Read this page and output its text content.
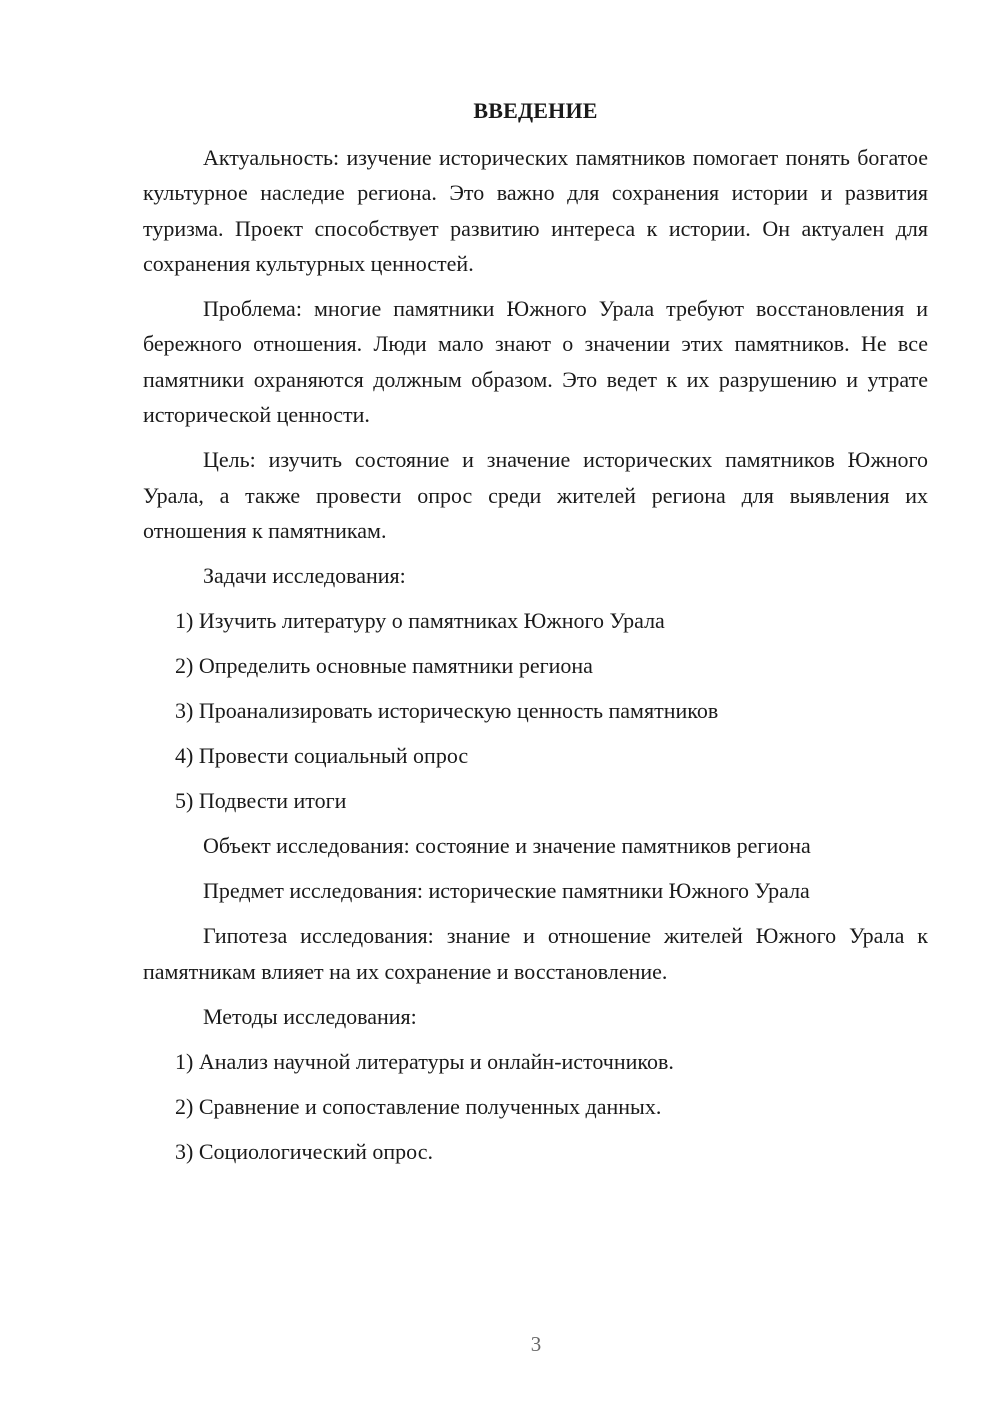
ВВЕДЕНИЕ

Актуальность: изучение исторических памятников помогает понять богатое культурное наследие региона. Это важно для сохранения истории и развития туризма. Проект способствует развитию интереса к истории. Он актуален для сохранения культурных ценностей.

Проблема: многие памятники Южного Урала требуют восстановления и бережного отношения. Люди мало знают о значении этих памятников. Не все памятники охраняются должным образом. Это ведет к их разрушению и утрате исторической ценности.

Цель: изучить состояние и значение исторических памятников Южного Урала, а также провести опрос среди жителей региона для выявления их отношения к памятникам.

Задачи исследования:
1) Изучить литературу о памятниках Южного Урала
2) Определить основные памятники региона
3) Проанализировать историческую ценность памятников
4) Провести социальный опрос
5) Подвести итоги
Объект исследования: состояние и значение памятников региона
Предмет исследования: исторические памятники Южного Урала

Гипотеза исследования: знание и отношение жителей Южного Урала к памятникам влияет на их сохранение и восстановление.

Методы исследования:
1) Анализ научной литературы и онлайн-источников.
2) Сравнение и сопоставление полученных данных.
3) Социологический опрос.
3
